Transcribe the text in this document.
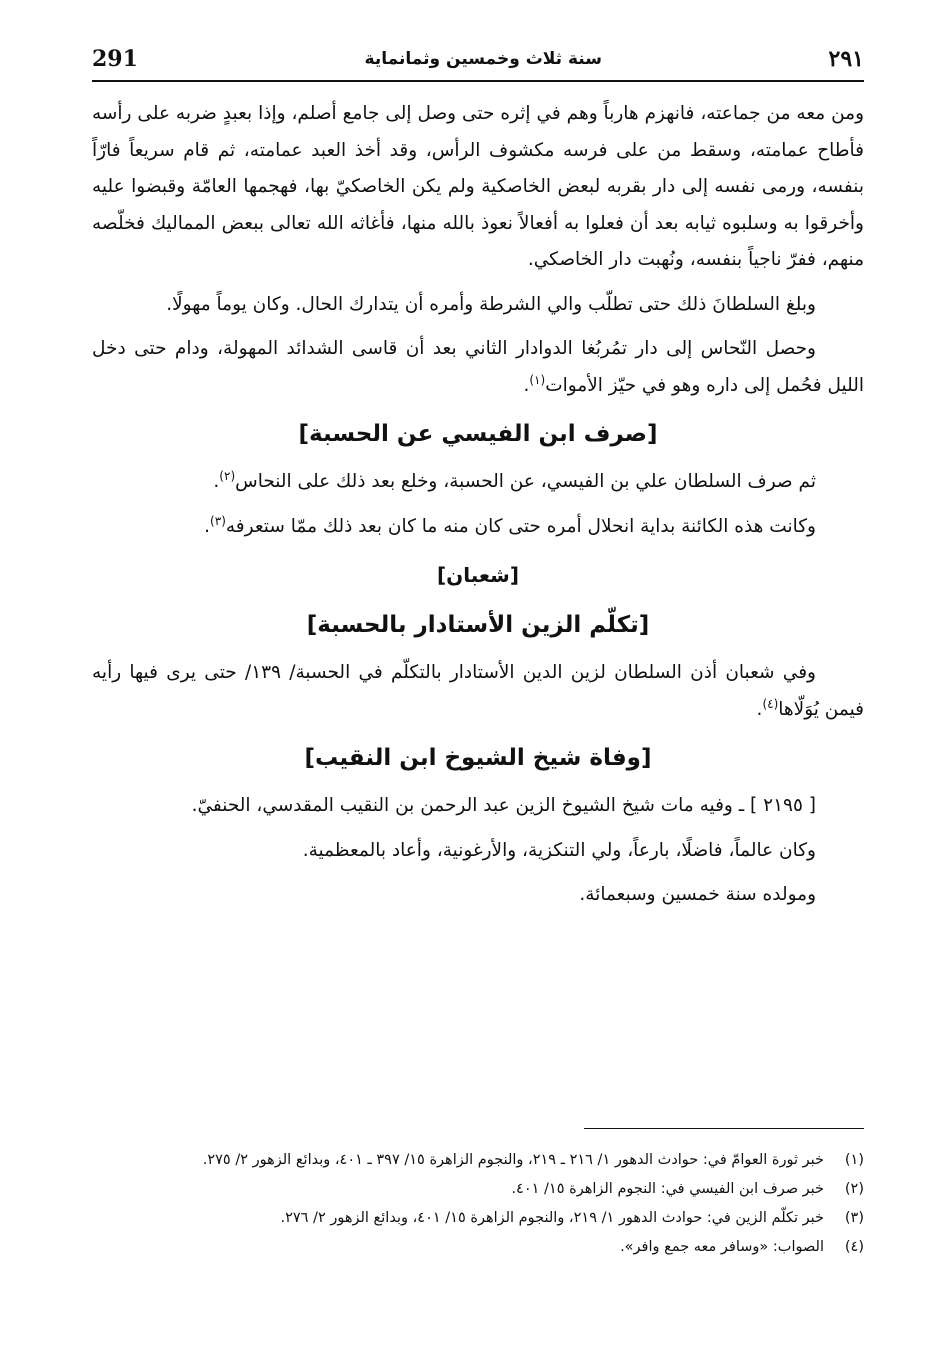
291	سنة ثلاث وخمسين وثمانماية	٢٩١

ومن معه من جماعته، فانهزم هارباً وهم في إثره حتى وصل إلى جامع أصلم، وإذا بعبدٍ ضربه على رأسه فأطاح عمامته، وسقط من على فرسه مكشوف الرأس، وقد أخذ العبد عمامته، ثم قام سريعاً فارّاً بنفسه، ورمى نفسه إلى دار بقربه لبعض الخاصكية ولم يكن الخاصكيّ بها، فهجمها العامّة وقبضوا عليه وأخرقوا به وسلبوه ثيابه بعد أن فعلوا به أفعالاً نعوذ بالله منها، فأغاثه الله تعالى ببعض المماليك فخلّصه منهم، ففرّ ناجياً بنفسه، ونُهبت دار الخاصكي.

وبلغ السلطانَ ذلك حتى تطلّب والي الشرطة وأمره أن يتدارك الحال. وكان يوماً مهولًا.

وحصل النّحاس إلى دار تمُربُغا الدوادار الثاني بعد أن قاسى الشدائد المهولة، ودام حتى دخل الليل فحُمل إلى داره وهو في حيّز الأموات$^{(١)}$.

[صرف ابن الفيسي عن الحسبة]

ثم صرف السلطان علي بن الفيسي، عن الحسبة، وخلع بعد ذلك على النحاس$^{(٢)}$.

وكانت هذه الكائنة بداية انحلال أمره حتى كان منه ما كان بعد ذلك ممّا ستعرفه$^{(٣)}$.

[شعبان]
[تكلّم الزين الأستادار بالحسبة]

وفي شعبان أذن السلطان لزين الدين الأستادار بالتكلّم في الحسبة/ ١٣٩/ حتى يرى فيها رأيه فيمن يُوَلّاها$^{(٤)}$.

[وفاة شيخ الشيوخ ابن النقيب]

[ ٢١٩٥ ] ـ وفيه مات شيخ الشيوخ الزين عبد الرحمن بن النقيب المقدسي، الحنفيّ.

وكان عالماً، فاضلًا، بارعاً، ولي التنكزية، والأرغونية، وأعاد بالمعظمية.

ومولده سنة خمسين وسبعمائة.

(١)
خبر ثورة العوامّ في: حوادث الدهور ١/ ٢١٦ ـ ٢١٩، والنجوم الزاهرة ١٥/ ٣٩٧ ـ ٤٠١، وبدائع الزهور ٢/ ٢٧٥.
(٢)
خبر صرف ابن الفيسي في: النجوم الزاهرة ١٥/ ٤٠١.
(٣)
خبر تكلّم الزين في: حوادث الدهور ١/ ٢١٩، والنجوم الزاهرة ١٥/ ٤٠١، وبدائع الزهور ٢/ ٢٧٦.
(٤)
الصواب: «وسافر معه جمع وافر».
